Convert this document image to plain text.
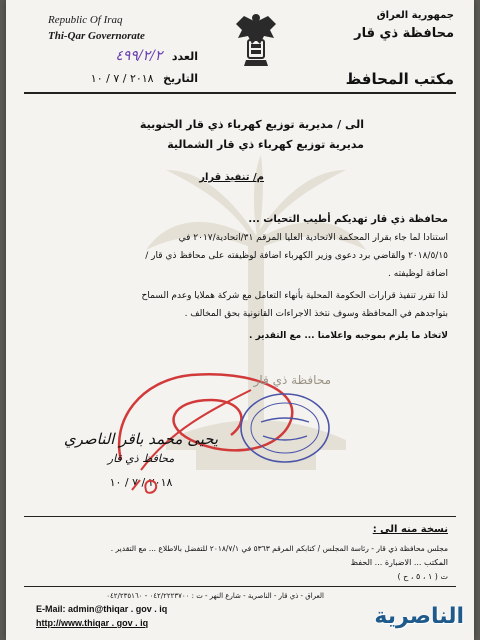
Republic Of Iraq
Thi-Qar Governorate
جمهورية العراق
محافظة ذي قار
مكتب المحافظ
العدد ٤٩٩/٢/٢
التاريخ ٢٠١٨ / ٧ / ١٠
الى / مديرية توزيع كهرباء ذي قار الجنوبية
مديرية توزيع كهرباء ذي قار الشمالية
م/ تنفيذ قرار
محافظة ذي قار تهديكم أطيب التحيات ...
استنادا لما جاء بقرار المحكمة الاتحادية العليا المرقم ٣١/اتحادية/٢٠١٧ في
٢٠١٨/٥/١٥ والقاضي برد دعوى وزير الكهرباء اضافة لوظيفته على محافظ ذي قار /
اضافة لوظيفته .
لذا تقرر تنفيذ قرارات الحكومة المحلية بأنهاء التعامل مع شركة هملايا وعدم السماح
بتواجدهم في المحافظة وسوف نتخذ الاجراءات القانونية بحق المخالف .
لاتخاذ ما يلزم بموجبه واعلامنا ... مع التقدير .
محافظة ذي قار
يحيى محمد باقر الناصري
محافظ ذي قار
٢٠١٨ / ٧ / ١٠
نسخة منه الى :
مجلس محافظة ذي قار - رئاسة المجلس / كتابكم المرقم ٥٣٦٣ في ٢٠١٨/٧/١ للتفضل بالاطلاع ... مع التقدير .
المكتب ... الاضبارة ... الحفظ
ت ( ١ ، ٥ ، ح )
العراق - ذي قار - الناصرية - شارع النهر - ت : ٠٤٢/٢٢٢٣٧٠٠ - ٠٤٢/٢٣٥١٦٠
E-Mail: admin@thiqar . gov . iq
http://www.thiqar . gov . iq	الناصرية
